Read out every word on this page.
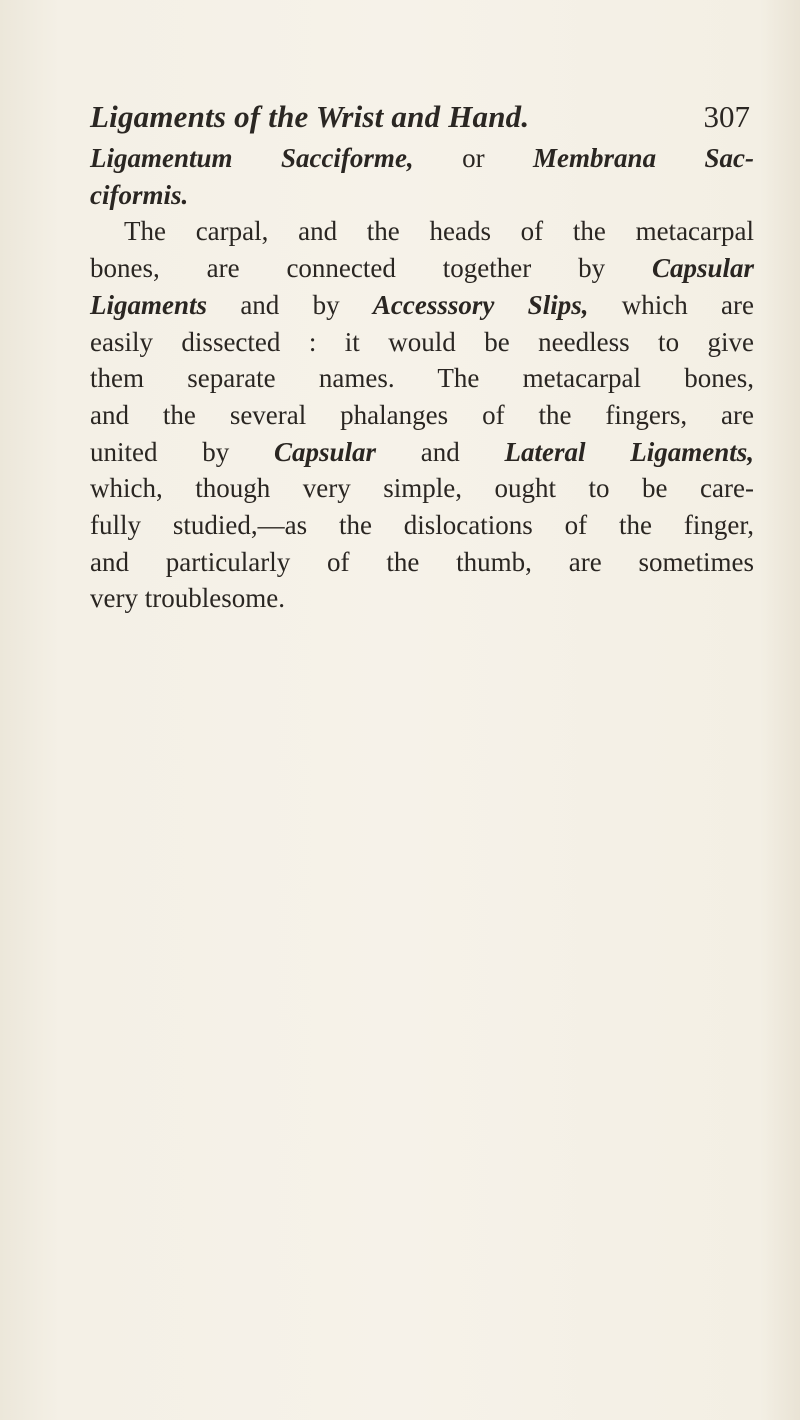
Ligaments of the Wrist and Hand.	307

Ligamentum Sacciforme, or Membrana Sac-

ciformis.

The carpal, and the heads of the metacarpal

bones, are connected together by Capsular

Ligaments and by Accesssory Slips, which are

easily dissected : it would be needless to give

them separate names. The metacarpal bones,

and the several phalanges of the fingers, are

united by Capsular and Lateral Ligaments,

which, though very simple, ought to be care-

fully studied,—as the dislocations of the finger,

and particularly of the thumb, are sometimes

very troublesome.
